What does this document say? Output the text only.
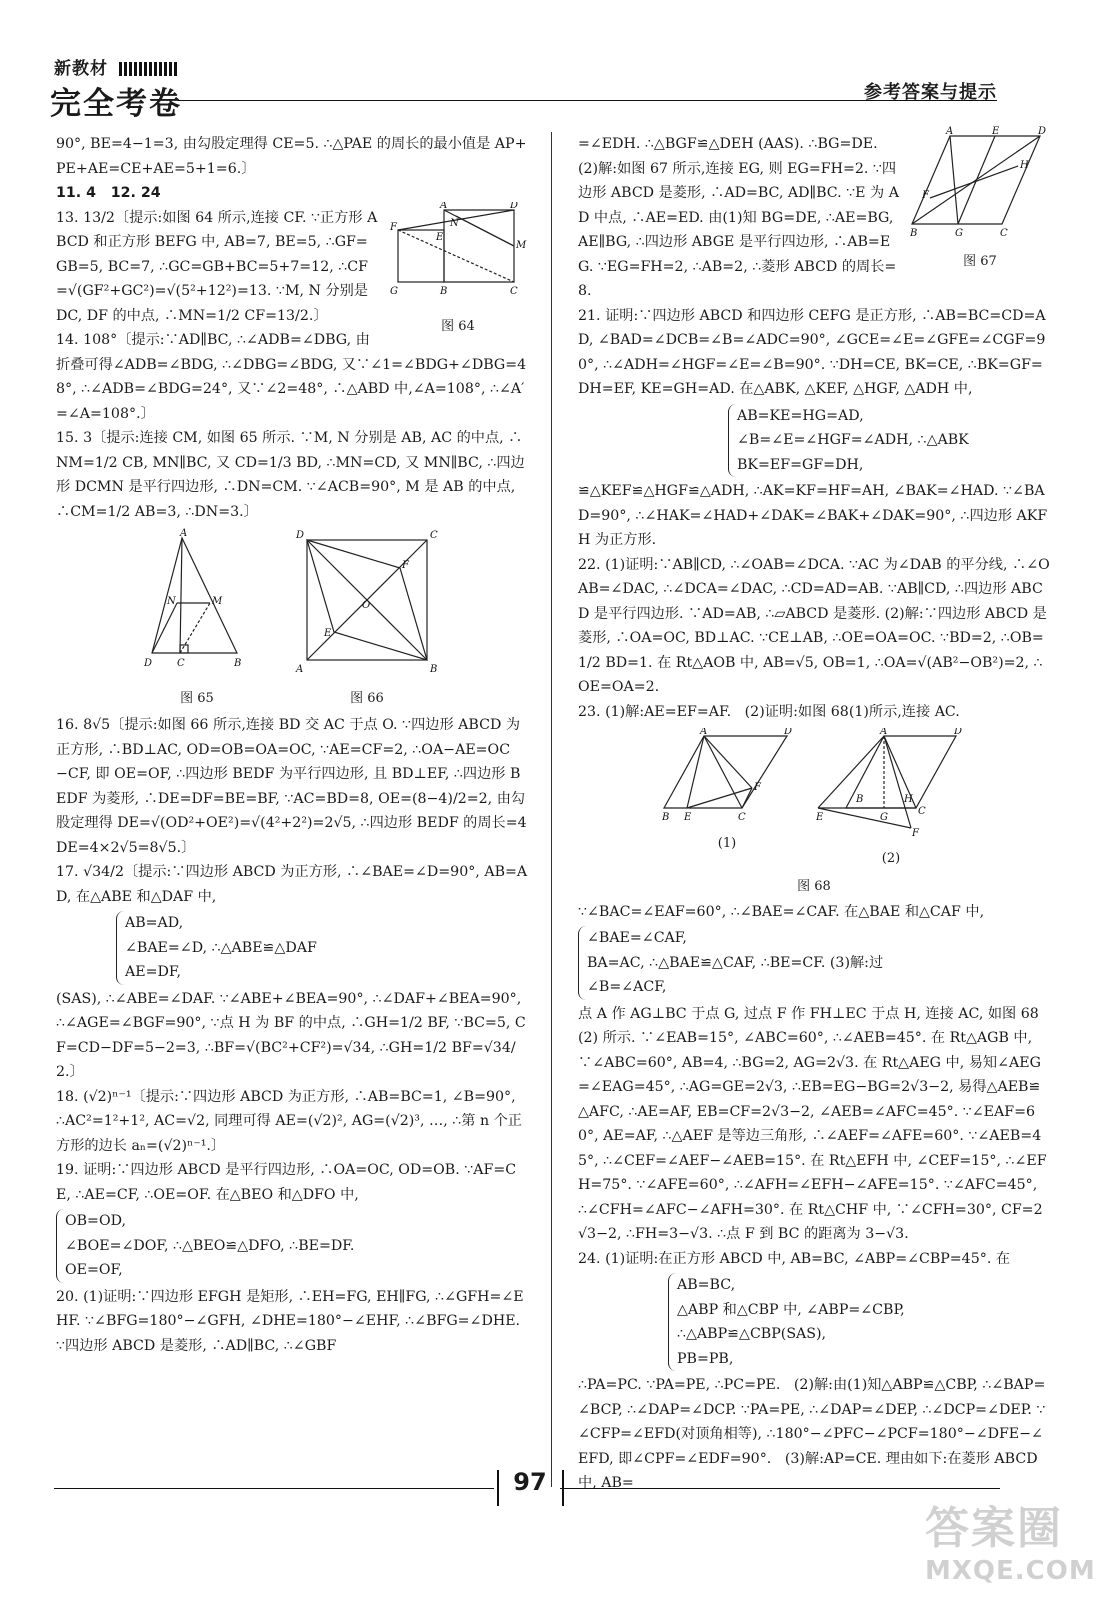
新教材
完全考卷	参考答案与提示

90°, BE=4−1=3, 由勾股定理得 CE=5. ∴△PAE 的周长的最小值是 AP+PE+AE=CE+AE=5+1=6.〕

11. 4   12. 24

F
A	D
E
N
M
G	B	C
图 64

13. 13/2〔提示:如图 64 所示,连接 CF. ∵正方形 ABCD 和正方形 BEFG 中, AB=7, BE=5, ∴GF=GB=5, BC=7, ∴GC=GB+BC=5+7=12, ∴CF=√(GF²+GC²)=√(5²+12²)=13. ∵M, N 分别是 DC, DF 的中点, ∴MN=1/2 CF=13/2.〕

14. 108°〔提示:∵AD∥BC, ∴∠ADB=∠DBG, 由折叠可得∠ADB=∠BDG, ∴∠DBG=∠BDG, 又∵∠1=∠BDG+∠DBG=48°, ∴∠ADB=∠BDG=24°, 又∵∠2=48°, ∴△ABD 中,∠A=108°, ∴∠A′=∠A=108°.〕

15. 3〔提示:连接 CM, 如图 65 所示. ∵M, N 分别是 AB, AC 的中点, ∴NM=1/2 CB, MN∥BC, 又 CD=1/3 BD, ∴MN=CD, 又 MN∥BC, ∴四边形 DCMN 是平行四边形, ∴DN=CM. ∵∠ACB=90°, M 是 AB 的中点, ∴CM=1/2 AB=3, ∴DN=3.〕

A
N	M
D C	B
图 65
D	C
F
O
E
A	B
图 66

16. 8√5〔提示:如图 66 所示,连接 BD 交 AC 于点 O. ∵四边形 ABCD 为正方形, ∴BD⊥AC, OD=OB=OA=OC, ∵AE=CF=2, ∴OA−AE=OC−CF, 即 OE=OF, ∴四边形 BEDF 为平行四边形, 且 BD⊥EF, ∴四边形 BEDF 为菱形, ∴DE=DF=BE=BF, ∵AC=BD=8, OE=(8−4)/2=2, 由勾股定理得 DE=√(OD²+OE²)=√(4²+2²)=2√5, ∴四边形 BEDF 的周长=4DE=4×2√5=8√5.〕

17. √34/2〔提示:∵四边形 ABCD 为正方形, ∴∠BAE=∠D=90°, AB=AD, 在△ABE 和△DAF 中,

AB=AD,
∠BAE=∠D, ∴△ABE≌△DAF
AE=DF,

(SAS), ∴∠ABE=∠DAF. ∵∠ABE+∠BEA=90°, ∴∠DAF+∠BEA=90°, ∴∠AGE=∠BGF=90°, ∵点 H 为 BF 的中点, ∴GH=1/2 BF, ∵BC=5, CF=CD−DF=5−2=3, ∴BF=√(BC²+CF²)=√34, ∴GH=1/2 BF=√34/2.〕

18. (√2)ⁿ⁻¹〔提示:∵四边形 ABCD 为正方形, ∴AB=BC=1, ∠B=90°, ∴AC²=1²+1², AC=√2, 同理可得 AE=(√2)², AG=(√2)³, …, ∴第 n 个正方形的边长 aₙ=(√2)ⁿ⁻¹.〕

19. 证明:∵四边形 ABCD 是平行四边形, ∴OA=OC, OD=OB. ∵AF=CE, ∴AE=CF, ∴OE=OF. 在△BEO 和△DFO 中,

OB=OD,
∠BOE=∠DOF, ∴△BEO≌△DFO, ∴BE=DF.
OE=OF,

20. (1)证明:∵四边形 EFGH 是矩形, ∴EH=FG, EH∥FG, ∴∠GFH=∠EHF. ∵∠BFG=180°−∠GFH, ∠DHE=180°−∠EHF, ∴∠BFG=∠DHE. ∵四边形 ABCD 是菱形, ∴AD∥BC, ∴∠GBF

A	E	D
H
F
B	G	C
图 67

=∠EDH. ∴△BGF≌△DEH (AAS). ∴BG=DE. (2)解:如图 67 所示,连接 EG, 则 EG=FH=2. ∵四边形 ABCD 是菱形, ∴AD=BC, AD∥BC. ∵E 为 AD 中点, ∴AE=ED. 由(1)知 BG=DE, ∴AE=BG, AE∥BG, ∴四边形 ABGE 是平行四边形, ∴AB=EG. ∵EG=FH=2, ∴AB=2, ∴菱形 ABCD 的周长=8.

21. 证明:∵四边形 ABCD 和四边形 CEFG 是正方形, ∴AB=BC=CD=AD, ∠BAD=∠DCB=∠B=∠ADC=90°, ∠GCE=∠E=∠GFE=∠CGF=90°, ∴∠ADH=∠HGF=∠E=∠B=90°. ∵DH=CE, BK=CE, ∴BK=GF=DH=EF, KE=GH=AD. 在△ABK, △KEF, △HGF, △ADH 中,

AB=KE=HG=AD,
∠B=∠E=∠HGF=∠ADH, ∴△ABK
BK=EF=GF=DH,

≌△KEF≌△HGF≌△ADH, ∴AK=KF=HF=AH, ∠BAK=∠HAD. ∵∠BAD=90°, ∴∠HAK=∠HAD+∠DAK=∠BAK+∠DAK=90°, ∴四边形 AKFH 为正方形.

22. (1)证明:∵AB∥CD, ∴∠OAB=∠DCA. ∵AC 为∠DAB 的平分线, ∴∠OAB=∠DAC, ∴∠DCA=∠DAC, ∴CD=AD=AB. ∵AB∥CD, ∴四边形 ABCD 是平行四边形. ∵AD=AB, ∴▱ABCD 是菱形. (2)解:∵四边形 ABCD 是菱形, ∴OA=OC, BD⊥AC. ∵CE⊥AB, ∴OE=OA=OC. ∵BD=2, ∴OB=1/2 BD=1. 在 Rt△AOB 中, AB=√5, OB=1, ∴OA=√(AB²−OB²)=2, ∴OE=OA=2.

23. (1)解:AE=EF=AF.   (2)证明:如图 68(1)所示,连接 AC.

A	D
F
B E	C
(1)
A	D
B
G
H
C
E
F
(2)
图 68

∵∠BAC=∠EAF=60°, ∴∠BAE=∠CAF. 在△BAE 和△CAF 中,

∠BAE=∠CAF,
BA=AC, ∴△BAE≌△CAF, ∴BE=CF. (3)解:过
∠B=∠ACF,

点 A 作 AG⊥BC 于点 G, 过点 F 作 FH⊥EC 于点 H, 连接 AC, 如图 68(2) 所示. ∵∠EAB=15°, ∠ABC=60°, ∴∠AEB=45°. 在 Rt△AGB 中, ∵∠ABC=60°, AB=4, ∴BG=2, AG=2√3. 在 Rt△AEG 中, 易知∠AEG=∠EAG=45°, ∴AG=GE=2√3, ∴EB=EG−BG=2√3−2, 易得△AEB≌△AFC, ∴AE=AF, EB=CF=2√3−2, ∠AEB=∠AFC=45°. ∵∠EAF=60°, AE=AF, ∴△AEF 是等边三角形, ∴∠AEF=∠AFE=60°. ∵∠AEB=45°, ∴∠CEF=∠AEF−∠AEB=15°. 在 Rt△EFH 中, ∠CEF=15°, ∴∠EFH=75°. ∵∠AFE=60°, ∴∠AFH=∠EFH−∠AFE=15°. ∵∠AFC=45°, ∴∠CFH=∠AFC−∠AFH=30°. 在 Rt△CHF 中, ∵∠CFH=30°, CF=2√3−2, ∴FH=3−√3. ∴点 F 到 BC 的距离为 3−√3.

24. (1)证明:在正方形 ABCD 中, AB=BC, ∠ABP=∠CBP=45°. 在

AB=BC,
△ABP 和△CBP 中, ∠ABP=∠CBP, ∴△ABP≌△CBP(SAS),
PB=PB,

∴PA=PC. ∵PA=PE, ∴PC=PE.   (2)解:由(1)知△ABP≌△CBP, ∴∠BAP=∠BCP, ∴∠DAP=∠DCP. ∵PA=PE, ∴∠DAP=∠DEP, ∴∠DCP=∠DEP. ∵∠CFP=∠EFD(对顶角相等), ∴180°−∠PFC−∠PCF=180°−∠DFE−∠EFD, 即∠CPF=∠EDF=90°.   (3)解:AP=CE. 理由如下:在菱形 ABCD 中, AB=

97
答案圈
MXQE.COM
